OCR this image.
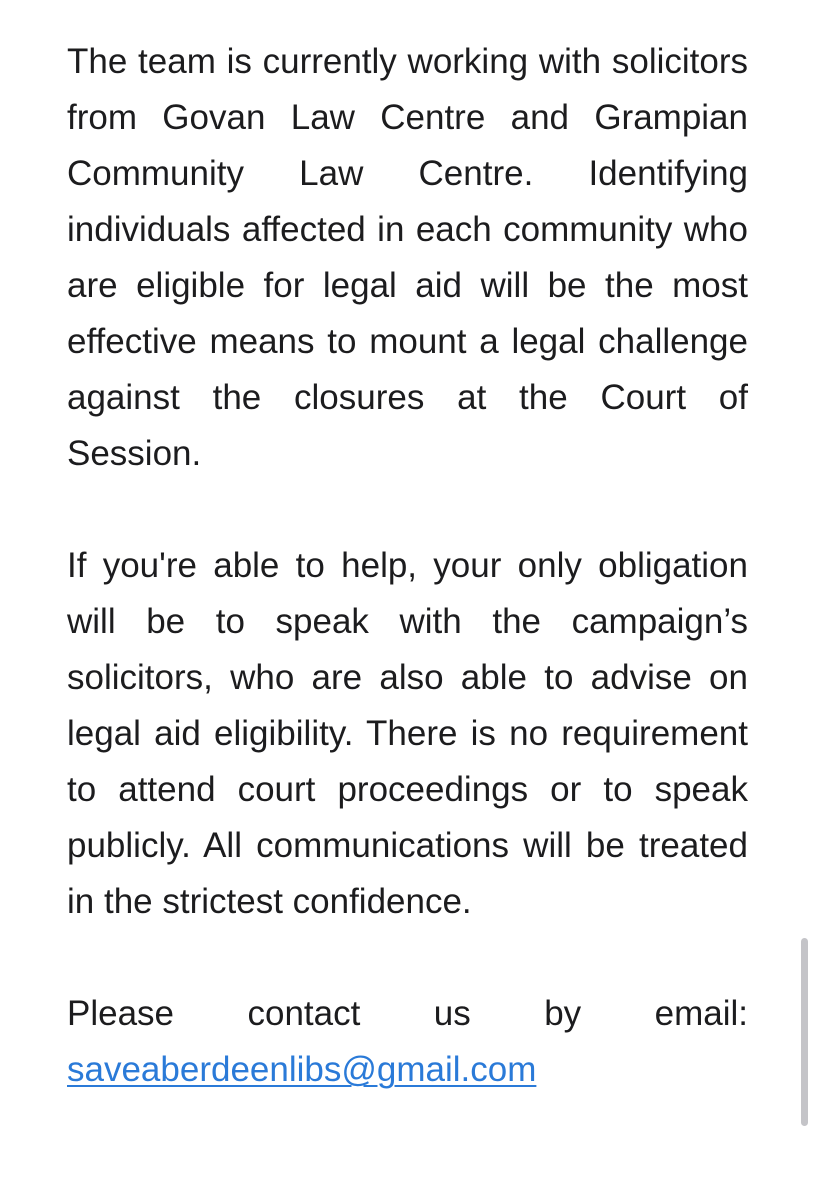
The team is currently working with solicitors from Govan Law Centre and Grampian Community Law Centre. Identifying individuals affected in each community who are eligible for legal aid will be the most effective means to mount a legal challenge against the closures at the Court of Session.

If you're able to help, your only obligation will be to speak with the campaign’s solicitors, who are also able to advise on legal aid eligibility. There is no requirement to attend court proceedings or to speak publicly. All communications will be treated in the strictest confidence.

Please contact us by email:
saveaberdeenlibs@gmail.com
